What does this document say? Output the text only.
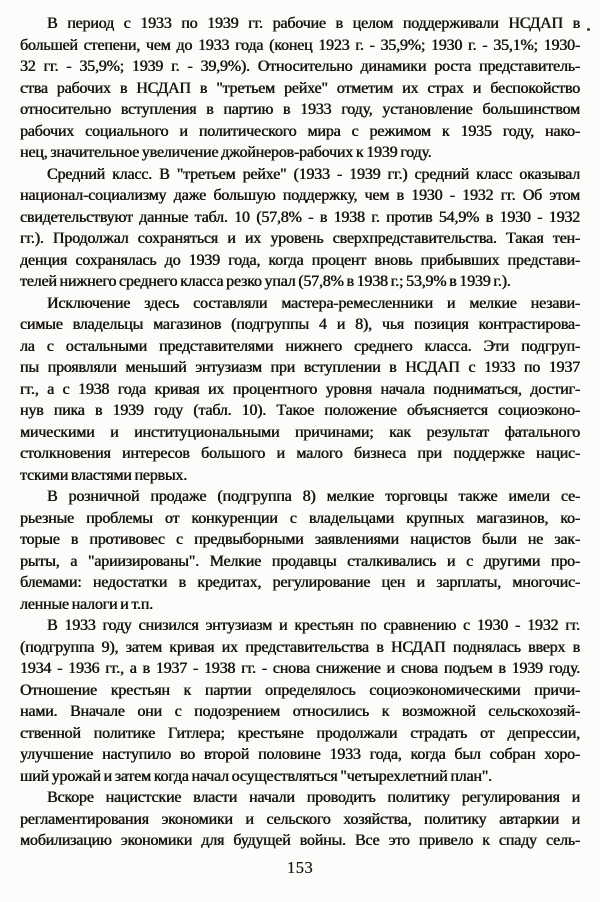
В период с 1933 по 1939 гг. рабочие в целом поддерживали НСДАП в
большей степени, чем до 1933 года (конец 1923 г. - 35,9%; 1930 г. - 35,1%; 1930-
32 гг. - 35,9%; 1939 г. - 39,9%). Относительно динамики роста представитель-
ства рабочих в НСДАП в "третьем рейхе" отметим их страх и беспокойство
относительно вступления в партию в 1933 году, установление большинством
рабочих социального и политического мира с режимом к 1935 году, нако-
нец, значительное увеличение джойнеров-рабочих к 1939 году.
Средний класс. В "третьем рейхе" (1933 - 1939 гг.) средний класс оказывал
национал-социализму даже большую поддержку, чем в 1930 - 1932 гг. Об этом
свидетельствуют данные табл. 10 (57,8% - в 1938 г. против 54,9% в 1930 - 1932
гг.). Продолжал сохраняться и их уровень сверхпредставительства. Такая тен-
денция сохранялась до 1939 года, когда процент вновь прибывших представи-
телей нижнего среднего класса резко упал (57,8% в 1938 г.; 53,9% в 1939 г.).
Исключение здесь составляли мастера-ремесленники и мелкие незави-
симые владельцы магазинов (подгруппы 4 и 8), чья позиция контрастирова-
ла с остальными представителями нижнего среднего класса. Эти подгруп-
пы проявляли меньший энтузиазм при вступлении в НСДАП с 1933 по 1937
гг., а с 1938 года кривая их процентного уровня начала подниматься, достиг-
нув пика в 1939 году (табл. 10). Такое положение объясняется социоэконо-
мическими и институциональными причинами; как результат фатального
столкновения интересов большого и малого бизнеса при поддержке нацис-
тскими властями первых.
В розничной продаже (подгруппа 8) мелкие торговцы также имели се-
рьезные проблемы от конкуренции с владельцами крупных магазинов, ко-
торые в противовес с предвыборными заявлениями нацистов были не зак-
рыты, а "ариизированы". Мелкие продавцы сталкивались и с другими про-
блемами: недостатки в кредитах, регулирование цен и зарплаты, многочис-
ленные налоги и т.п.
В 1933 году снизился энтузиазм и крестьян по сравнению с 1930 - 1932 гг.
(подгруппа 9), затем кривая их представительства в НСДАП поднялась вверх в
1934 - 1936 гг., а в 1937 - 1938 гг. - снова снижение и снова подъем в 1939 году.
Отношение крестьян к партии определялось социоэкономическими причи-
нами. Вначале они с подозрением относились к возможной сельскохозяй-
ственной политике Гитлера; крестьяне продолжали страдать от депрессии,
улучшение наступило во второй половине 1933 года, когда был собран хоро-
ший урожай и затем когда начал осуществляться "четырехлетний план".
Вскоре нацистские власти начали проводить политику регулирования и
регламентирования экономики и сельского хозяйства, политику автаркии и
мобилизацию экономики для будущей войны. Все это привело к спаду сель-
153
